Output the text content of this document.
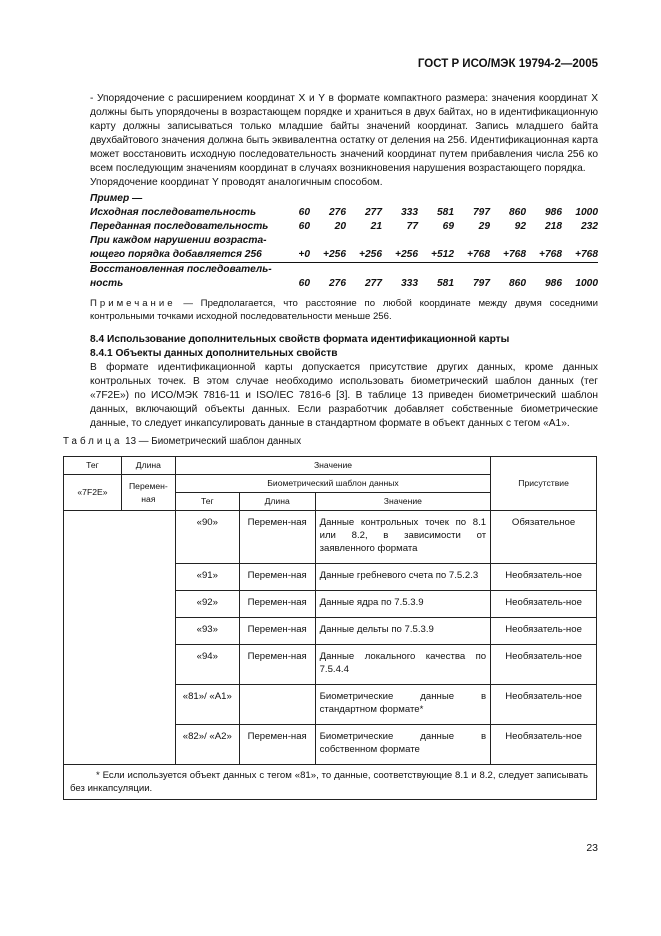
ГОСТ Р ИСО/МЭК 19794-2—2005

- Упорядочение с расширением координат X и Y в формате компактного размера: значения координат X должны быть упорядочены в возрастающем порядке и храниться в двух байтах, но в идентификационную карту должны записываться только младшие байты значений координат. Запись младшего байта двухбайтового значения должна быть эквивалентна остатку от деления на 256. Идентификационная карта может восстановить исходную последовательность значений координат путем прибавления числа 256 ко всем последующим значениям координат в случаях возникновения нарушения возрастающего порядка.

Упорядочение координат Y проводят аналогичным способом.

Пример —

Исходная последовательность	60	276	277	333	581	797	860	986	1000
Переданная последовательность	60	20	21	77	69	29	92	218	232
При каждом нарушении возраста-									
ющего порядка добавляется 256	+0	+256	+256	+256	+512	+768	+768	+768	+768
Восстановленная последователь-									
ность	60	276	277	333	581	797	860	986	1000

Примечание — Предполагается, что расстояние по любой координате между двумя соседними контрольными точками исходной последовательности меньше 256.

8.4 Использование дополнительных свойств формата идентификационной карты

8.4.1 Объекты данных дополнительных свойств

В формате идентификационной карты допускается присутствие других данных, кроме данных контрольных точек. В этом случае необходимо использовать биометрический шаблон данных (тег «7F2E») по ИСО/МЭК 7816-11 и ISO/IEC 7816-6 [3]. В таблице 13 приведен биометрический шаблон данных, включающий объекты данных. Если разработчик добавляет собственные биометрические данные, то следует инкапсулировать данные в стандартном формате в объект данных с тегом «А1».

Таблица 13 — Биометрический шаблон данных
Тег	Длина	Значение			Присутствие
«7F2E»	Перемен-ная	Биометрический шаблон данных			
		Тег	Длина	Значение	
		«90»	Перемен-ная	Данные контрольных точек по 8.1 или 8.2, в зависимости от заявленного формата	Обязательное
		«91»	Перемен-ная	Данные гребневого счета по 7.5.2.3	Необязатель-ное
		«92»	Перемен-ная	Данные ядра по 7.5.3.9	Необязатель-ное
		«93»	Перемен-ная	Данные дельты по 7.5.3.9	Необязатель-ное
		«94»	Перемен-ная	Данные локального качества по 7.5.4.4	Необязатель-ное
		«81»/ «А1»		Биометрические данные в стандартном формате*	Необязатель-ное
		«82»/ «А2»	Перемен-ная	Биометрические данные в собственном формате	Необязатель-ное
* Если используется объект данных с тегом «81», то данные, соответствующие 8.1 и 8.2, следует записывать без инкапсуляции.					
23
